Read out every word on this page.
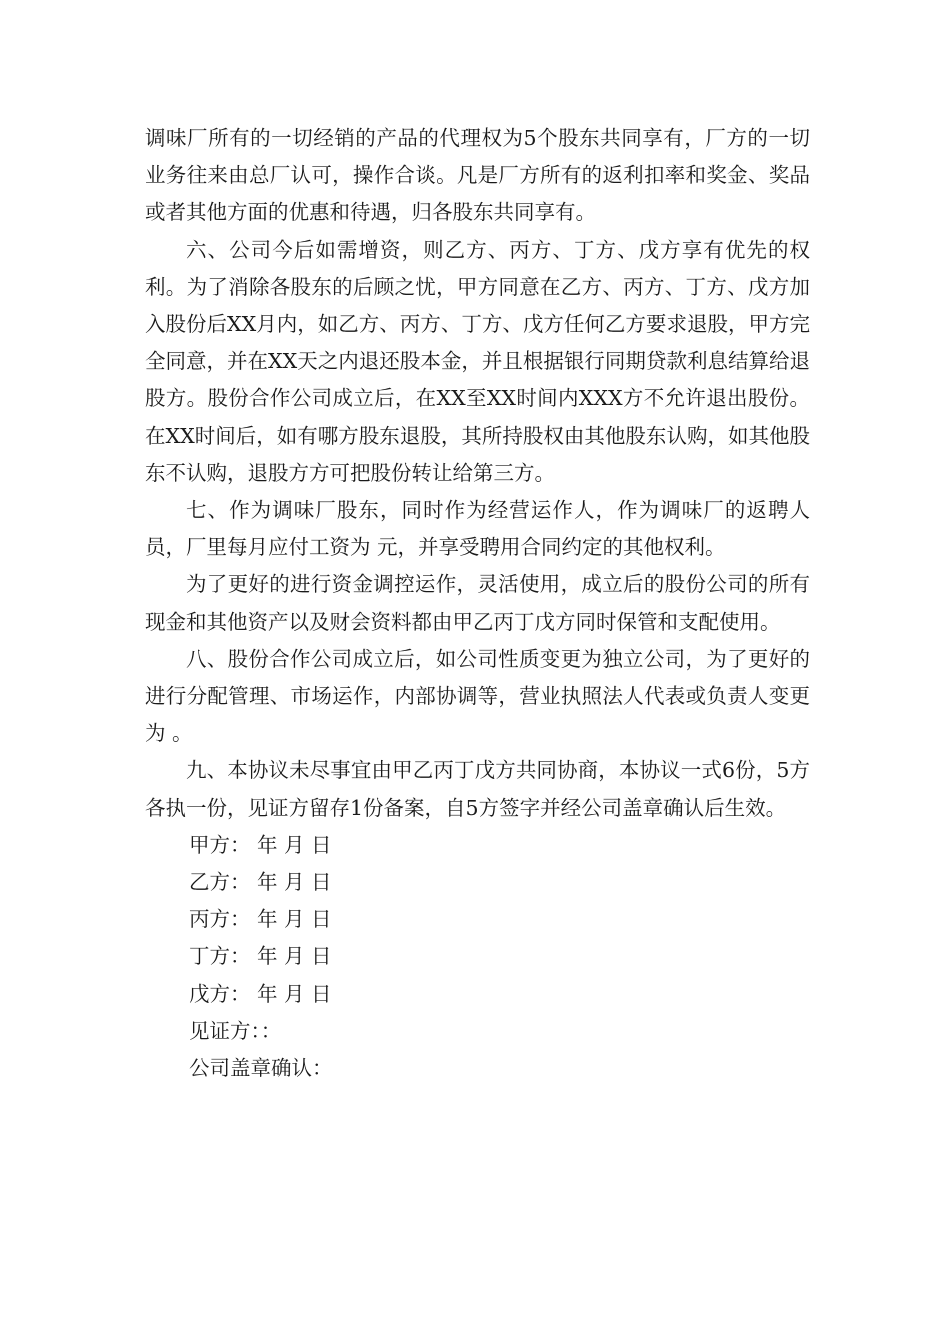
调味厂所有的一切经销的产品的代理权为5个股东共同享有，厂方的一切业务往来由总厂认可，操作合谈。凡是厂方所有的返利扣率和奖金、奖品或者其他方面的优惠和待遇，归各股东共同享有。

六、公司今后如需增资，则乙方、丙方、丁方、戊方享有优先的权利。为了消除各股东的后顾之忧，甲方同意在乙方、丙方、丁方、戊方加入股份后XX月内，如乙方、丙方、丁方、戊方任何乙方要求退股，甲方完全同意，并在XX天之内退还股本金，并且根据银行同期贷款利息结算给退股方。股份合作公司成立后，在XX至XX时间内XXX方不允许退出股份。在XX时间后，如有哪方股东退股，其所持股权由其他股东认购，如其他股东不认购，退股方方可把股份转让给第三方。

七、作为调味厂股东，同时作为经营运作人，作为调味厂的返聘人员，厂里每月应付工资为 元，并享受聘用合同约定的其他权利。

为了更好的进行资金调控运作，灵活使用，成立后的股份公司的所有现金和其他资产以及财会资料都由甲乙丙丁戊方同时保管和支配使用。

八、股份合作公司成立后，如公司性质变更为独立公司，为了更好的进行分配管理、市场运作，内部协调等，营业执照法人代表或负责人变更为 。

九、本协议未尽事宜由甲乙丙丁戊方共同协商，本协议一式6份，5方各执一份，见证方留存1份备案，自5方签字并经公司盖章确认后生效。

甲方： 年 月 日

乙方： 年 月 日

丙方： 年 月 日

丁方： 年 月 日

戊方： 年 月 日

见证方：：

公司盖章确认：
